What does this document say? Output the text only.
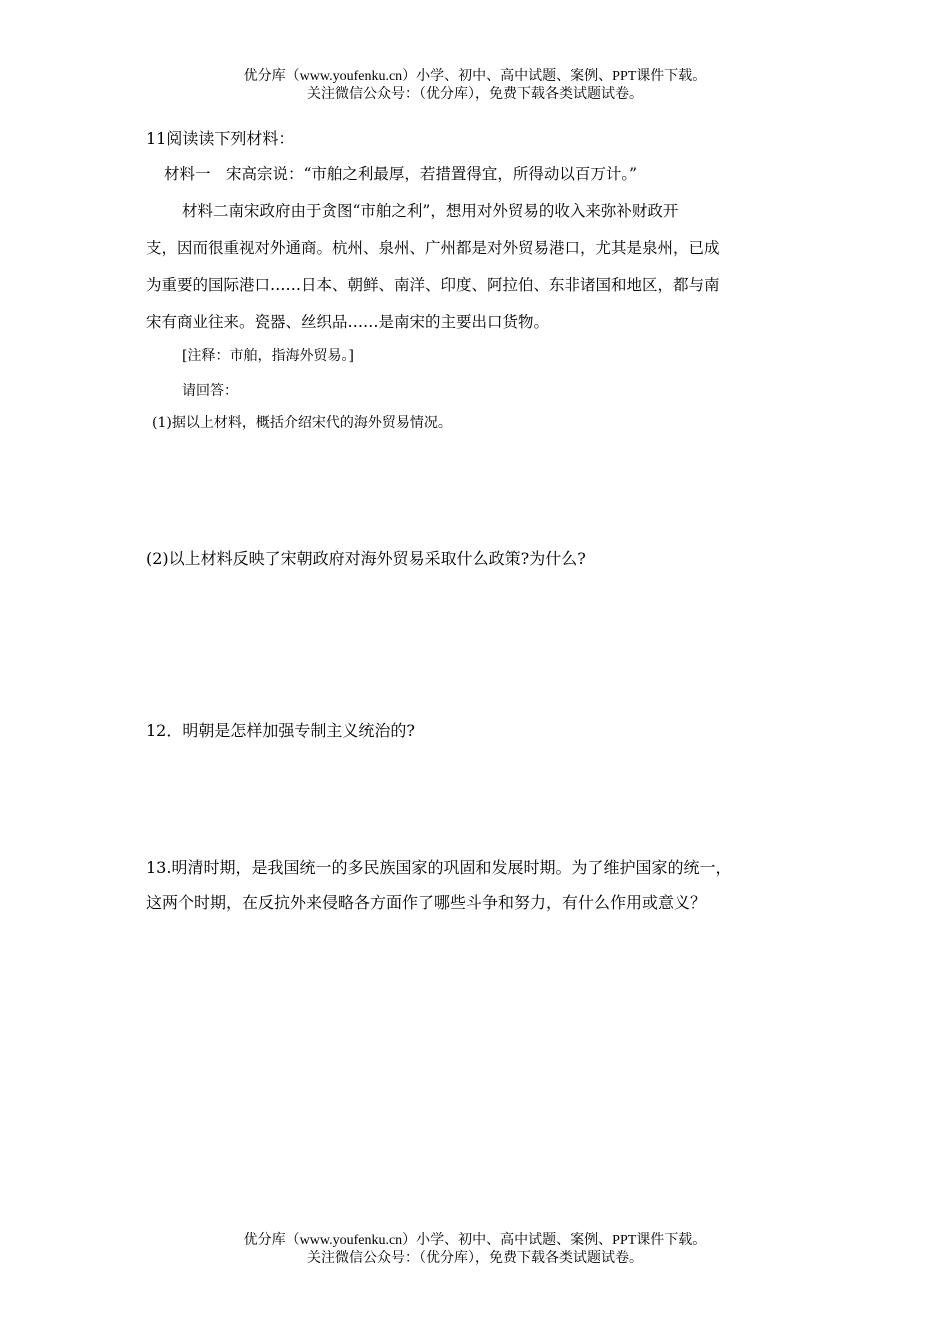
优分库（www.youfenku.cn）小学、初中、高中试题、案例、PPT课件下载。
关注微信公众号：（优分库），免费下载各类试题试卷。
11阅读读下列材料：
材料一　宋高宗说：“市舶之利最厚，若措置得宜，所得动以百万计。”
材料二南宋政府由于贪图“市舶之利”，想用对外贸易的收入来弥补财政开
支，因而很重视对外通商。杭州、泉州、广州都是对外贸易港口，尤其是泉州，已成
为重要的国际港口……日本、朝鲜、南洋、印度、阿拉伯、东非诸国和地区，都与南
宋有商业往来。瓷器、丝织品……是南宋的主要出口货物。
[注释：市舶，指海外贸易。]
请回答：
(1)据以上材料，概括介绍宋代的海外贸易情况。
(2)以上材料反映了宋朝政府对海外贸易采取什么政策?为什么?
12．明朝是怎样加强专制主义统治的?
13.明清时期，是我国统一的多民族国家的巩固和发展时期。为了维护国家的统一，
这两个时期，在反抗外来侵略各方面作了哪些斗争和努力，有什么作用或意义？
优分库（www.youfenku.cn）小学、初中、高中试题、案例、PPT课件下载。
关注微信公众号：（优分库），免费下载各类试题试卷。
